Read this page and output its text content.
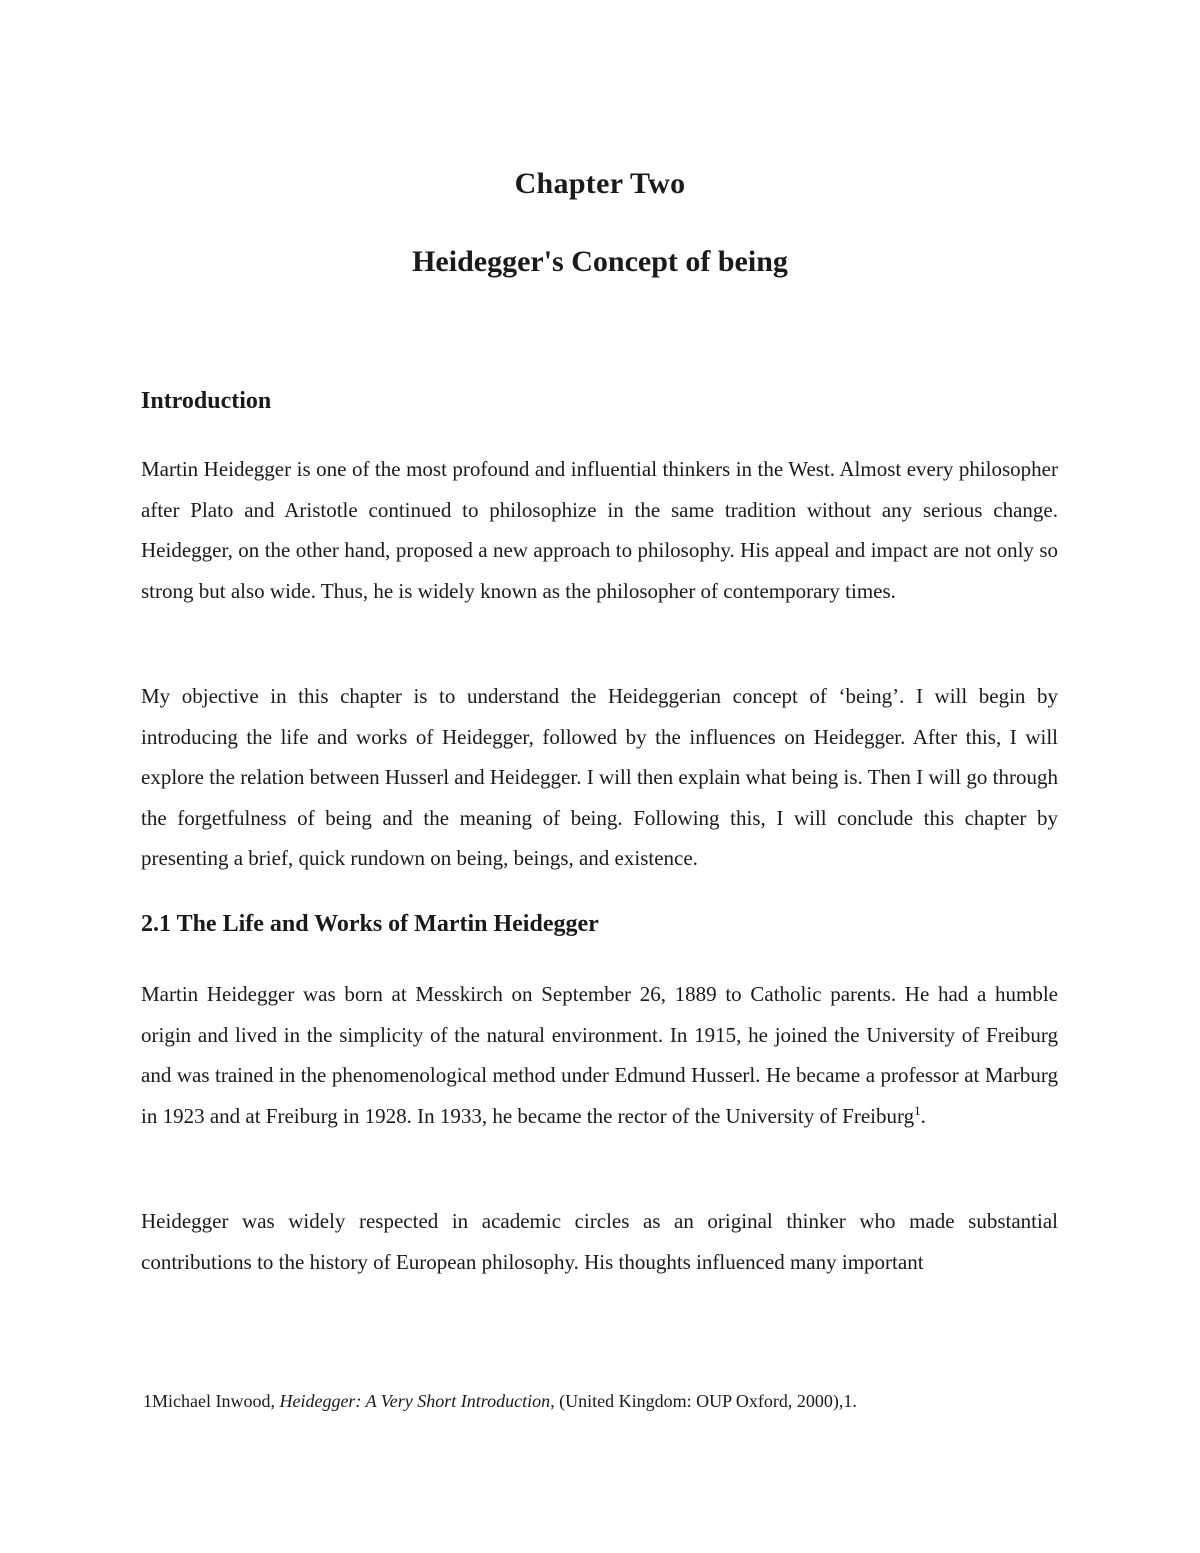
Chapter Two
Heidegger's Concept of being
Introduction

Martin Heidegger is one of the most profound and influential thinkers in the West. Almost every philosopher after Plato and Aristotle continued to philosophize in the same tradition without any serious change. Heidegger, on the other hand, proposed a new approach to philosophy. His appeal and impact are not only so strong but also wide. Thus, he is widely known as the philosopher of contemporary times.

My objective in this chapter is to understand the Heideggerian concept of ‘being’. I will begin by introducing the life and works of Heidegger, followed by the influences on Heidegger. After this, I will explore the relation between Husserl and Heidegger. I will then explain what being is. Then I will go through the forgetfulness of being and the meaning of being. Following this, I will conclude this chapter by presenting a brief, quick rundown on being, beings, and existence.

2.1 The Life and Works of Martin Heidegger

Martin Heidegger was born at Messkirch on September 26, 1889 to Catholic parents. He had a humble origin and lived in the simplicity of the natural environment. In 1915, he joined the University of Freiburg and was trained in the phenomenological method under Edmund Husserl. He became a professor at Marburg in 1923 and at Freiburg in 1928. In 1933, he became the rector of the University of Freiburg$^1$.

Heidegger was widely respected in academic circles as an original thinker who made substantial contributions to the history of European philosophy. His thoughts influenced many important

1Michael Inwood, Heidegger: A Very Short Introduction, (United Kingdom: OUP Oxford, 2000),1.
